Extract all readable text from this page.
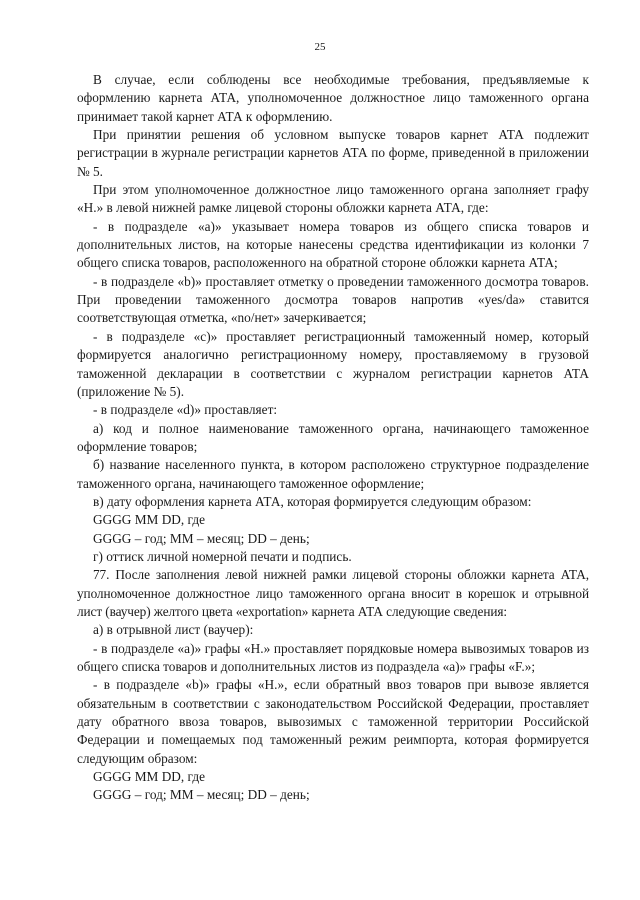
25

В случае, если соблюдены все необходимые требования, предъявляемые к оформлению карнета АТА, уполномоченное должностное лицо таможенного органа принимает такой карнет АТА к оформлению.

При принятии решения об условном выпуске товаров карнет АТА подлежит регистрации в журнале регистрации карнетов АТА по форме, приведенной в приложении № 5.

При этом уполномоченное должностное лицо таможенного органа заполняет графу «Н.» в левой нижней рамке лицевой стороны обложки карнета АТА, где:

- в подразделе «а)» указывает номера товаров из общего списка товаров и дополнительных листов, на которые нанесены средства идентификации из колонки 7 общего списка товаров, расположенного на обратной стороне обложки карнета АТА;

- в подразделе «b)» проставляет отметку о проведении таможенного досмотра товаров. При проведении таможенного досмотра товаров напротив «yes/da» ставится соответствующая отметка, «no/нет» зачеркивается;

- в подразделе «с)» проставляет регистрационный таможенный номер, который формируется аналогично регистрационному номеру, проставляемому в грузовой таможенной декларации в соответствии с журналом регистрации карнетов АТА (приложение № 5).

- в подразделе «d)» проставляет:

а) код и полное наименование таможенного органа, начинающего таможенное оформление товаров;

б) название населенного пункта, в котором расположено структурное подразделение таможенного органа, начинающего таможенное оформление;

в) дату оформления карнета АТА, которая формируется следующим образом:

GGGG MM DD, где

GGGG – год; MM – месяц; DD – день;

г) оттиск личной номерной печати и подпись.

77. После заполнения левой нижней рамки лицевой стороны обложки карнета АТА, уполномоченное должностное лицо таможенного органа вносит в корешок и отрывной лист (ваучер) желтого цвета «exportation» карнета АТА следующие сведения:

а) в отрывной лист (ваучер):

- в подразделе «а)» графы «Н.» проставляет порядковые номера вывозимых товаров из общего списка товаров и дополнительных листов из подраздела «а)» графы «F.»;

- в подразделе «b)» графы «Н.», если обратный ввоз товаров при вывозе является обязательным в соответствии с законодательством Российской Федерации, проставляет дату обратного ввоза товаров, вывозимых с таможенной территории Российской Федерации и помещаемых под таможенный режим реимпорта, которая формируется следующим образом:

GGGG MM DD, где

GGGG – год; MM – месяц; DD – день;
